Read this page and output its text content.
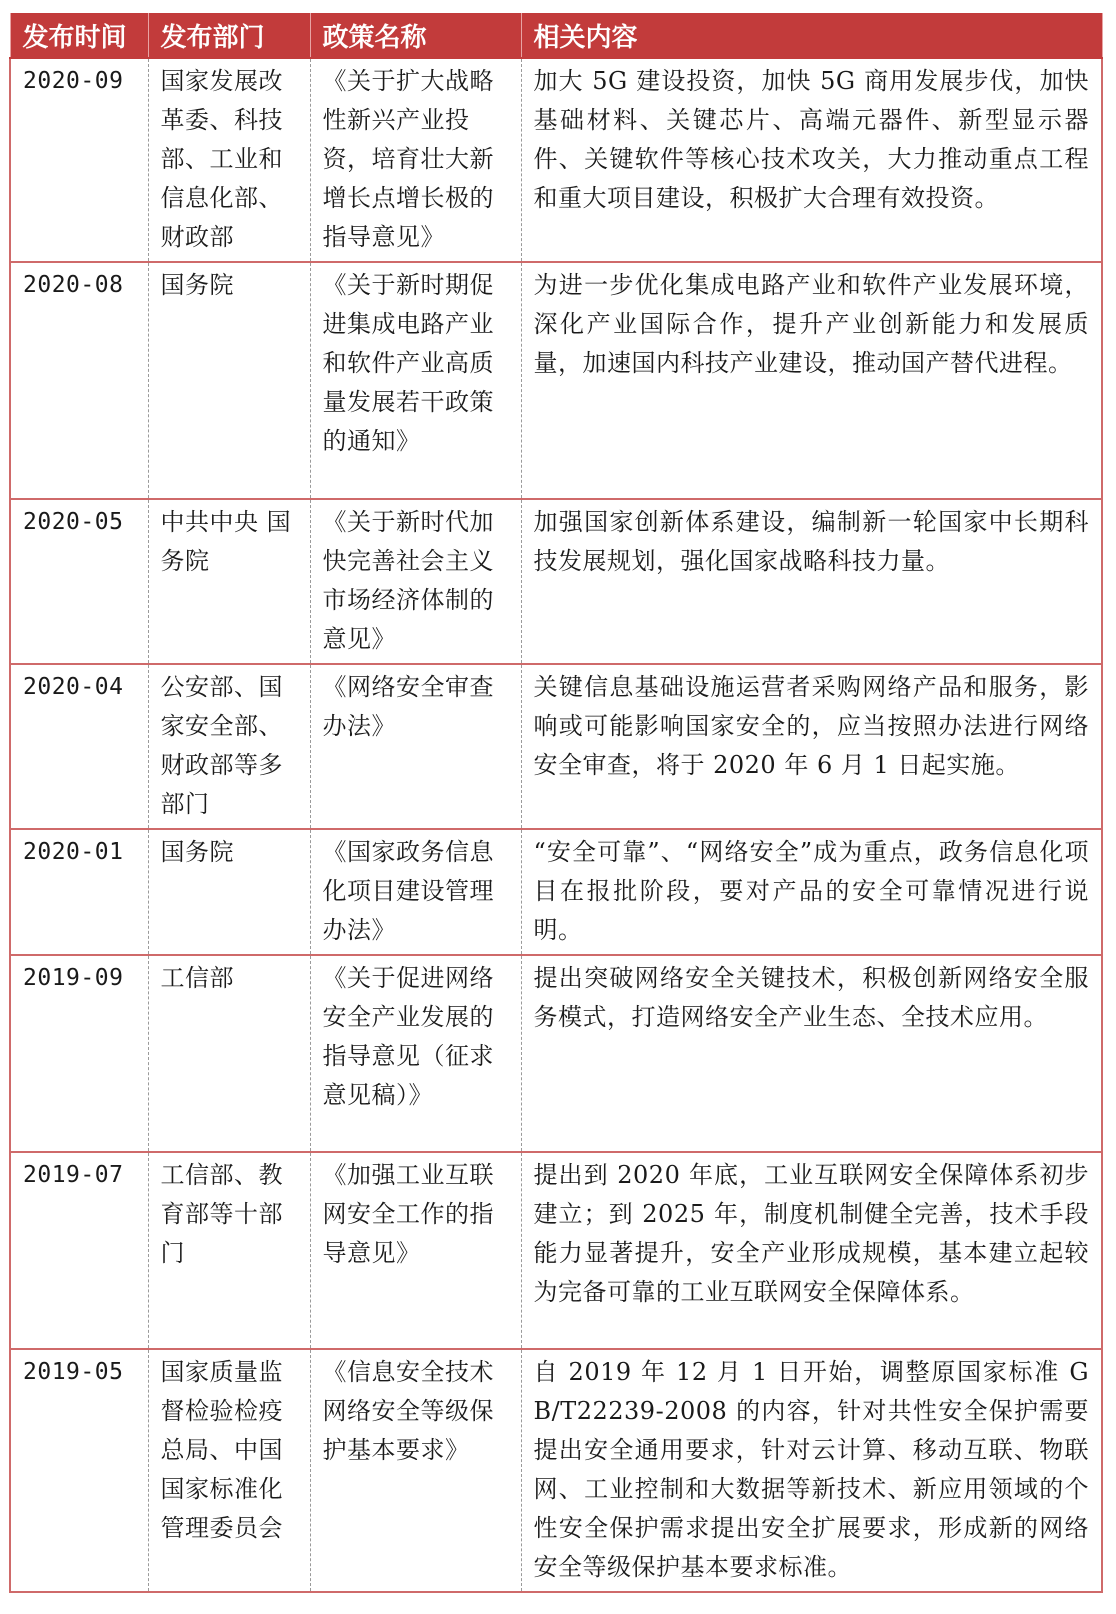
发布时间	发布部门	政策名称	相关内容
2020-09	国家发展改革委、科技部、工业和信息化部、财政部	《关于扩大战略性新兴产业投资，培育壮大新增长点增长极的指导意见》	加大 5G 建设投资，加快 5G 商用发展步伐，加快基础材料、关键芯片、高端元器件、新型显示器件、关键软件等核心技术攻关，大力推动重点工程和重大项目建设，积极扩大合理有效投资。
2020-08	国务院	《关于新时期促进集成电路产业和软件产业高质量发展若干政策的通知》	为进一步优化集成电路产业和软件产业发展环境，深化产业国际合作，提升产业创新能力和发展质量，加速国内科技产业建设，推动国产替代进程。
2020-05	中共中央 国务院	《关于新时代加快完善社会主义市场经济体制的意见》	加强国家创新体系建设，编制新一轮国家中长期科技发展规划，强化国家战略科技力量。
2020-04	公安部、国家安全部、财政部等多部门	《网络安全审查办法》	关键信息基础设施运营者采购网络产品和服务，影响或可能影响国家安全的，应当按照办法进行网络安全审查，将于 2020 年 6 月 1 日起实施。
2020-01	国务院	《国家政务信息化项目建设管理办法》	“安全可靠”、“网络安全”成为重点，政务信息化项目在报批阶段，要对产品的安全可靠情况进行说明。
2019-09	工信部	《关于促进网络安全产业发展的指导意见（征求意见稿）》	提出突破网络安全关键技术，积极创新网络安全服务模式，打造网络安全产业生态、全技术应用。
2019-07	工信部、教育部等十部门	《加强工业互联网安全工作的指导意见》	提出到 2020 年底，工业互联网安全保障体系初步建立；到 2025 年，制度机制健全完善，技术手段能力显著提升，安全产业形成规模，基本建立起较为完备可靠的工业互联网安全保障体系。
2019-05	国家质量监督检验检疫总局、中国国家标准化管理委员会	《信息安全技术网络安全等级保护基本要求》	自 2019 年 12 月 1 日开始，调整原国家标准 GB/T22239-2008 的内容，针对共性安全保护需要提出安全通用要求，针对云计算、移动互联、物联网、工业控制和大数据等新技术、新应用领域的个性安全保护需求提出安全扩展要求，形成新的网络安全等级保护基本要求标准。
